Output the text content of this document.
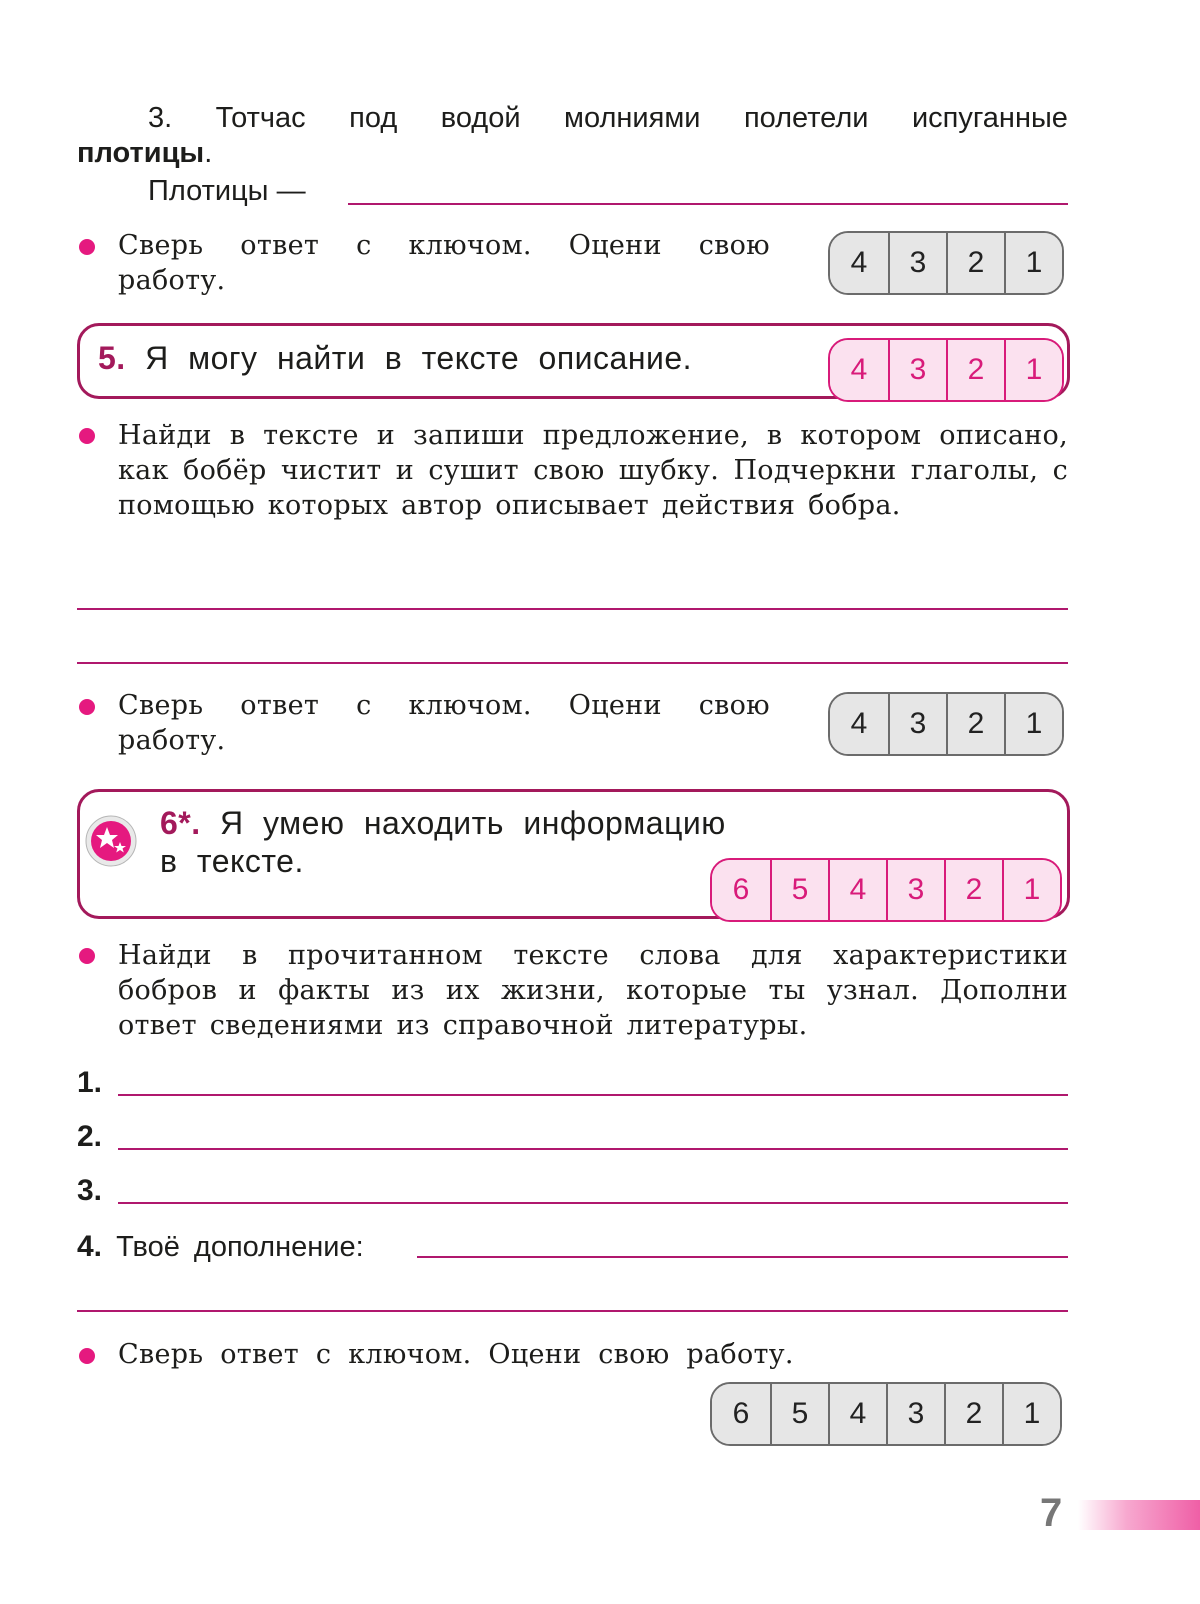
3. Тотчас под водой молниями полетели испуганные
плотицы.
Плотицы —
Сверь ответ с ключом. Оцени свою
работу.
4	3	2	1
5. Я могу найти в тексте описание.	4	3	2	1
Найди в тексте и запиши предложение, в котором описано, как бобёр чистит и сушит свою шубку. Подчеркни глаголы, с помощью которых автор описывает действия бобра.
Сверь ответ с ключом. Оцени свою
работу.
4	3	2	1
6*. Я умею находить информацию
в тексте.
6	5	4	3	2	1
Найди в прочитанном тексте слова для характеристики бобров и факты из их жизни, которые ты узнал. Дополни ответ сведениями из справочной литературы.
1.
2.
3.
4. Твоё дополнение:
Сверь ответ с ключом. Оцени свою работу.
6	5	4	3	2	1
7
